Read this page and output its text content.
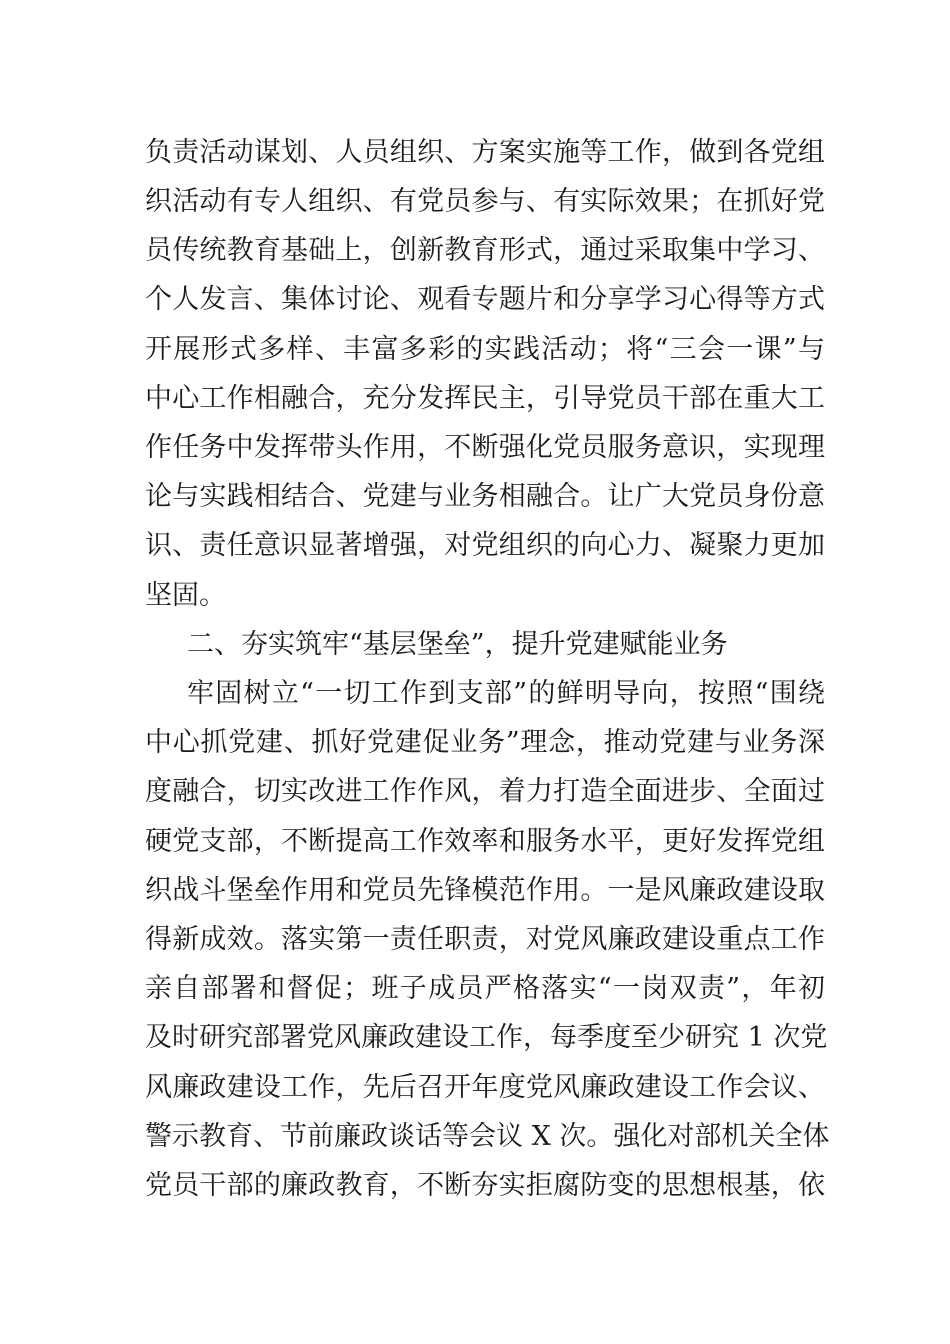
负责活动谋划、人员组织、方案实施等工作，做到各党组
织活动有专人组织、有党员参与、有实际效果；在抓好党
员传统教育基础上，创新教育形式，通过采取集中学习、
个人发言、集体讨论、观看专题片和分享学习心得等方式
开展形式多样、丰富多彩的实践活动；将“三会一课”与
中心工作相融合，充分发挥民主，引导党员干部在重大工
作任务中发挥带头作用，不断强化党员服务意识，实现理
论与实践相结合、党建与业务相融合。让广大党员身份意
识、责任意识显著增强，对党组织的向心力、凝聚力更加
坚固。
二、夯实筑牢“基层堡垒”，提升党建赋能业务
牢固树立“一切工作到支部”的鲜明导向，按照“围绕
中心抓党建、抓好党建促业务”理念，推动党建与业务深
度融合，切实改进工作作风，着力打造全面进步、全面过
硬党支部，不断提高工作效率和服务水平，更好发挥党组
织战斗堡垒作用和党员先锋模范作用。一是风廉政建设取
得新成效。落实第一责任职责，对党风廉政建设重点工作
亲自部署和督促；班子成员严格落实“一岗双责”，年初
及时研究部署党风廉政建设工作，每季度至少研究 1 次党
风廉政建设工作，先后召开年度党风廉政建设工作会议、
警示教育、节前廉政谈话等会议 X 次。强化对部机关全体
党员干部的廉政教育，不断夯实拒腐防变的思想根基，依
